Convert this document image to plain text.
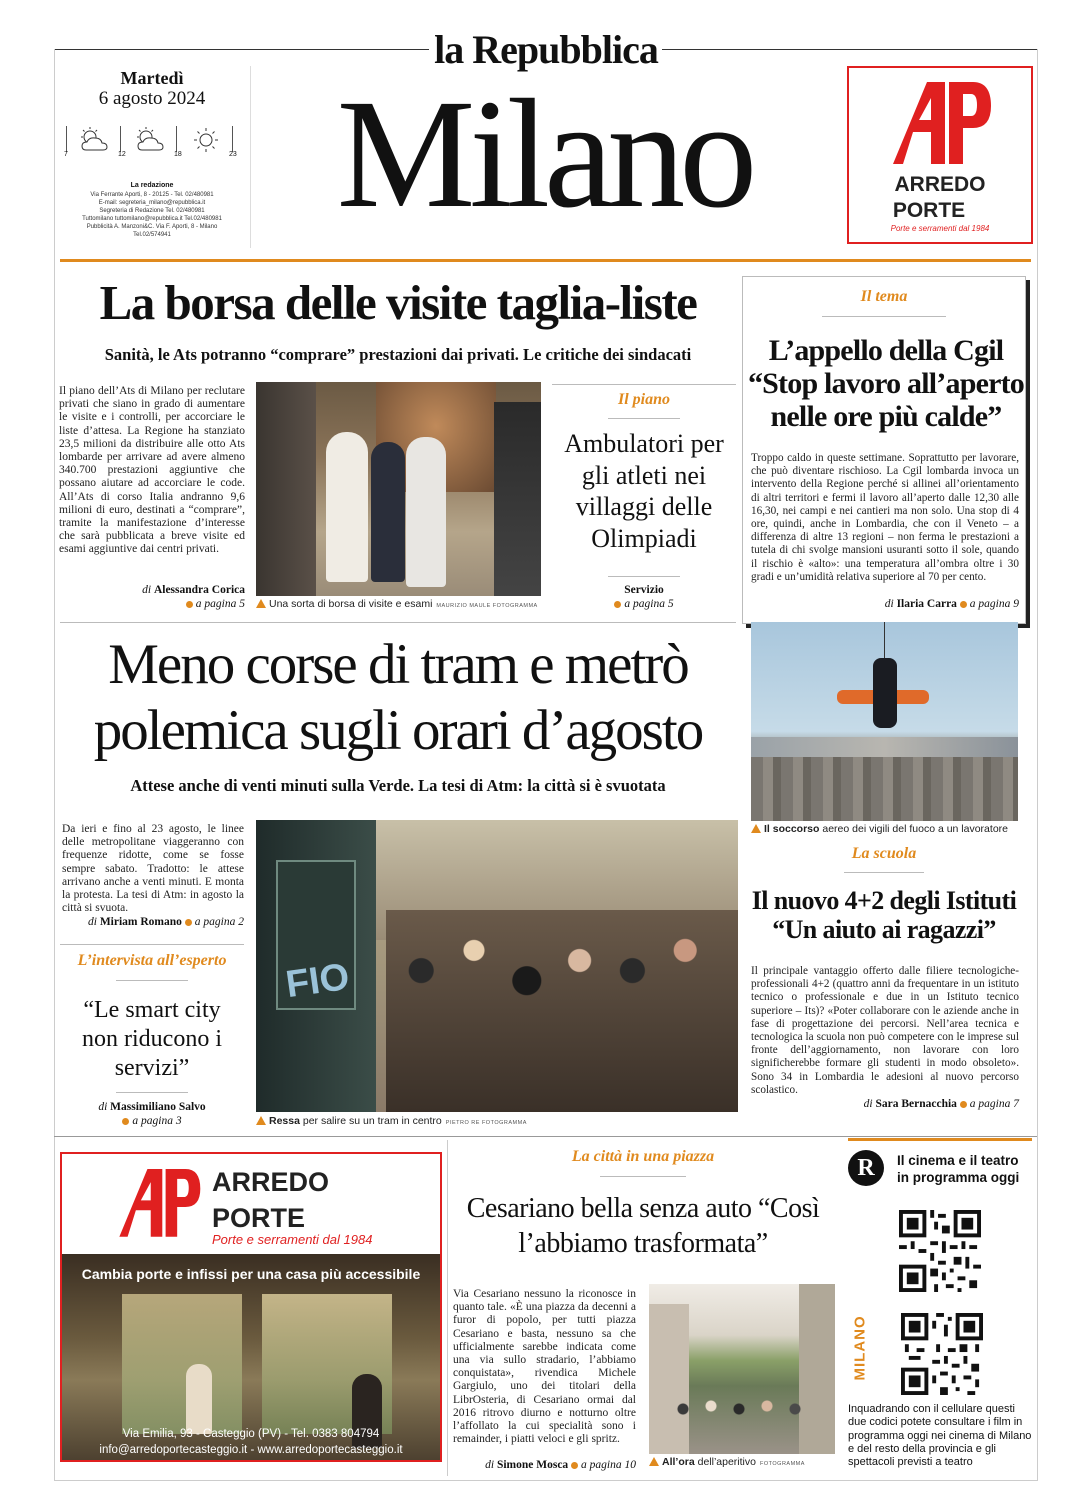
la Repubblica
Martedì
6 agosto 2024
7	12	18	23
La redazione
Via Ferrante Aporti, 8 - 20125 - Tel. 02/480981
E-mail: segreteria_milano@repubblica.it
Segreteria di Redazione Tel. 02/480981
Tuttomilano tuttomilano@repubblica.it Tel.02/480981
Pubblicità A. Manzoni&C. Via F. Aporti, 8 - Milano
Tel.02/574941	Milano	ARREDO
PORTE
Porte e serramenti dal 1984
La borsa delle visite taglia-liste
Sanità, le Ats potranno “comprare” prestazioni dai privati. Le critiche dei sindacati
Il piano dell’Ats di Milano per reclutare privati che siano in grado di aumentare le visite e i controlli, per accorciare le liste d’attesa. La Regione ha stanziato 23,5 milioni da distribuire alle otto Ats lombarde per arrivare ad avere almeno 340.700 prestazioni aggiuntive che possano aiutare ad accorciare le code. All’Ats di corso Italia andranno 9,6 milioni di euro, destinati a “comprare”, tramite la manifestazione d’interesse che sarà pubblicata a breve visite ed esami aggiuntive dai centri privati.
di Alessandra Corica
a pagina 5	Una sorta di borsa di visite e esami MAURIZIO MAULE FOTOGRAMMA
Il piano
Ambulatori per gli atleti nei villaggi delle Olimpiadi
Servizio
a pagina 5
Il tema
L’appello della Cgil “Stop lavoro all’aperto nelle ore più calde”
Troppo caldo in queste settimane. Soprattutto per lavorare, che può diventare rischioso. La Cgil lombarda invoca un intervento della Regione perché si allinei all’orientamento di altri territori e fermi il lavoro all’aperto dalle 12,30 alle 16,30, nei campi e nei cantieri ma non solo. Una stop di 4 ore, quindi, anche in Lombardia, che con il Veneto – a differenza di altre 13 regioni – non ferma le prestazioni a tutela di chi svolge mansioni usuranti sotto il sole, quando il rischio è «alto»: una temperatura all’ombra oltre i 30 gradi e un’umidità relativa superiore al 70 per cento.
di Ilaria Carra a pagina 9
Il soccorso aereo dei vigili del fuoco a un lavoratore
Meno corse di tram e metrò
polemica sugli orari d’agosto
Attese anche di venti minuti sulla Verde. La tesi di Atm: la città si è svuotata
Da ieri e fino al 23 agosto, le linee delle metropolitane viaggeranno con frequenze ridotte, come se fosse sempre sabato. Tradotto: le attese arrivano anche a venti minuti. E monta la protesta. La tesi di Atm: in agosto la città si svuota.
di Miriam Romano a pagina 2
L’intervista all’esperto
“Le smart city non riducono i servizi”
di Massimiliano Salvo
a pagina 3
FIO
Ressa per salire su un tram in centro PIETRO RE FOTOGRAMMA
La scuola
Il nuovo 4+2 degli Istituti “Un aiuto ai ragazzi”
Il principale vantaggio offerto dalle filiere tecnologiche-professionali 4+2 (quattro anni da frequentare in un istituto tecnico o professionale e due in un Istituto tecnico superiore – Its)? «Poter collaborare con le aziende anche in fase di progettazione dei percorsi. Nell’area tecnica e tecnologica la scuola non può competere con le imprese sul fronte dell’aggiornamento, non lavorare con loro significherebbe formare gli studenti in modo obsoleto». Sono 34 in Lombardia le adesioni al nuovo percorso scolastico.
di Sara Bernacchia a pagina 7
ARREDO
PORTE
Porte e serramenti dal 1984
Cambia porte e infissi per una casa più accessibile
Via Emilia, 93 - Casteggio (PV) - Tel. 0383 804794
info@arredoportecasteggio.it - www.arredoportecasteggio.it
La città in una piazza
Cesariano bella senza auto “Così l’abbiamo trasformata”
Via Cesariano nessuno la riconosce in quanto tale. «È una piazza da decenni a furor di popolo, per tutti piazza Cesariano e basta, nessuno sa che ufficialmente sarebbe indicata come una via sullo stradario, l’abbiamo conquistata», rivendica Michele Gargiulo, uno dei titolari della LibrOsteria, di Cesariano ormai dal 2016 ritrovo diurno e notturno oltre l’affollato la cui specialità sono i remainder, i piatti veloci e gli spritz.
di Simone Mosca a pagina 10	All’ora dell’aperitivo FOTOGRAMMA
R	Il cinema e il teatro
in programma oggi
MILANO
Inquadrando con il cellulare questi due codici potete consultare i film in programma oggi nei cinema di Milano e del resto della provincia e gli spettacoli previsti a teatro
